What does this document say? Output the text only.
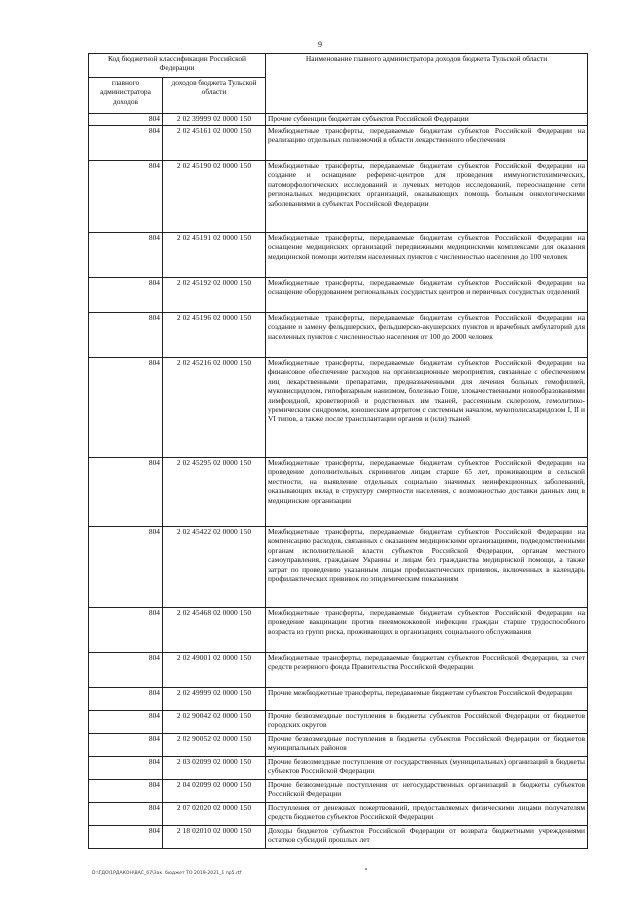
9
Код бюджетной классификации Российской Федерации		Наименование главного администратора доходов бюджета Тульской области
главного администратора доходов	доходов бюджета Тульской области	
804	2 02 39999 02 0000 150	Прочие субвенции бюджетам субъектов Российской Федерации
804	2 02 45161 02 0000 150	Межбюджетные трансферты, передаваемые бюджетам субъектов Российской Федерации на реализацию отдельных полномочий в области лекарственного обеспечения
804	2 02 45190 02 0000 150	Межбюджетные трансферты, передаваемые бюджетам субъектов Российской Федерации на создание и оснащение референс-центров для проведения иммуногистохимических, патоморфологических исследований и лучевых методов исследований, переоснащение сети региональных медицинских организаций, оказывающих помощь больным онкологическими заболеваниями в субъектах Российской Федерации
804	2 02 45191 02 0000 150	Межбюджетные трансферты, передаваемые бюджетам субъектов Российской Федерации на оснащение медицинских организаций передвижными медицинскими комплексами для оказания медицинской помощи жителям населенных пунктов с численностью населения до 100 человек
804	2 02 45192 02 0000 150	Межбюджетные трансферты, передаваемые бюджетам субъектов Российской Федерации на оснащение оборудованием региональных сосудистых центров и первичных сосудистых отделений
804	2 02 45196 02 0000 150	Межбюджетные трансферты, передаваемые бюджетам субъектов Российской Федерации на создание и замену фельдшерских, фельдшерско-акушерских пунктов и врачебных амбулаторий для населенных пунктов с численностью населения от 100 до 2000 человек
804	2 02 45216 02 0000 150	Межбюджетные трансферты, передаваемые бюджетам субъектов Российской Федерации на финансовое обеспечение расходов на организационные мероприятия, связанные с обеспечением лиц лекарственными препаратами, предназначенными для лечения больных гемофилией, муковисцидозом, гипофизарным нанизмом, болезнью Гоше, злокачественными новообразованиями лимфоидной, кроветворной и родственных им тканей, рассеянным склерозом, гемолитико-уремическим синдромом, юношеским артритом с системным началом, мукополисахаридозом I, II и VI типов, а также после трансплантации органов и (или) тканей
804	2 02 45295 02 0000 150	Межбюджетные трансферты, передаваемые бюджетам субъектов Российской Федерации на проведение дополнительных скринингов лицам старше 65 лет, проживающим в сельской местности, на выявление отдельных социально значимых неинфекционных заболеваний, оказывающих вклад в структуру смертности населения, с возможностью доставки данных лиц в медицинские организации
804	2 02 45422 02 0000 150	Межбюджетные трансферты, передаваемые бюджетам субъектов Российской Федерации на компенсацию расходов, связанных с оказанием медицинскими организациями, подведомственными органам исполнительной власти субъектов Российской Федерации, органам местного самоуправления, гражданам Украины и лицам без гражданства медицинской помощи, а также затрат по проведению указанным лицам профилактических прививок, включенных в календарь профилактических прививок по эпидемическим показаниям
804	2 02 45468 02 0000 150	Межбюджетные трансферты, передаваемые бюджетам субъектов Российской Федерации на проведение вакцинации против пневмококковой инфекции граждан старше трудоспособного возраста из групп риска, проживающих в организациях социального обслуживания
804	2 02 49001 02 0000 150	Межбюджетные трансферты, передаваемые бюджетам субъектов Российской Федерации, за счет средств резервного фонда Правительства Российской Федерации
804	2 02 49999 02 0000 150	Прочие межбюджетные трансферты, передаваемые бюджетам субъектов Российской Федерации
804	2 02 90042 02 0000 150	Прочие безвозмездные поступления в бюджеты субъектов Российской Федерации от бюджетов городских округов
804	2 02 90052 02 0000 150	Прочие безвозмездные поступления в бюджеты субъектов Российской Федерации от бюджетов муниципальных районов
804	2 03 02099 02 0000 150	Прочие безвозмездные поступления от государственных (муниципальных) организаций в бюджеты субъектов Российской Федерации
804	2 04 02099 02 0000 150	Прочие безвозмездные поступления от негосударственных организаций в бюджеты субъектов Российской Федерации
804	2 07 02020 02 0000 150	Поступления от денежных пожертвований, предоставляемых физическими лицами получателям средств бюджетов субъектов Российской Федерации
804	2 18 02010 02 0000 150	Доходы бюджетов субъектов Российской Федерации от возврата бюджетными учреждениями остатков субсидий прошлых лет
D:\ГДО\1РДАКОН\ВАС_67\Зак. бюджет ТО 2019-2021_1 пр5.rtf
